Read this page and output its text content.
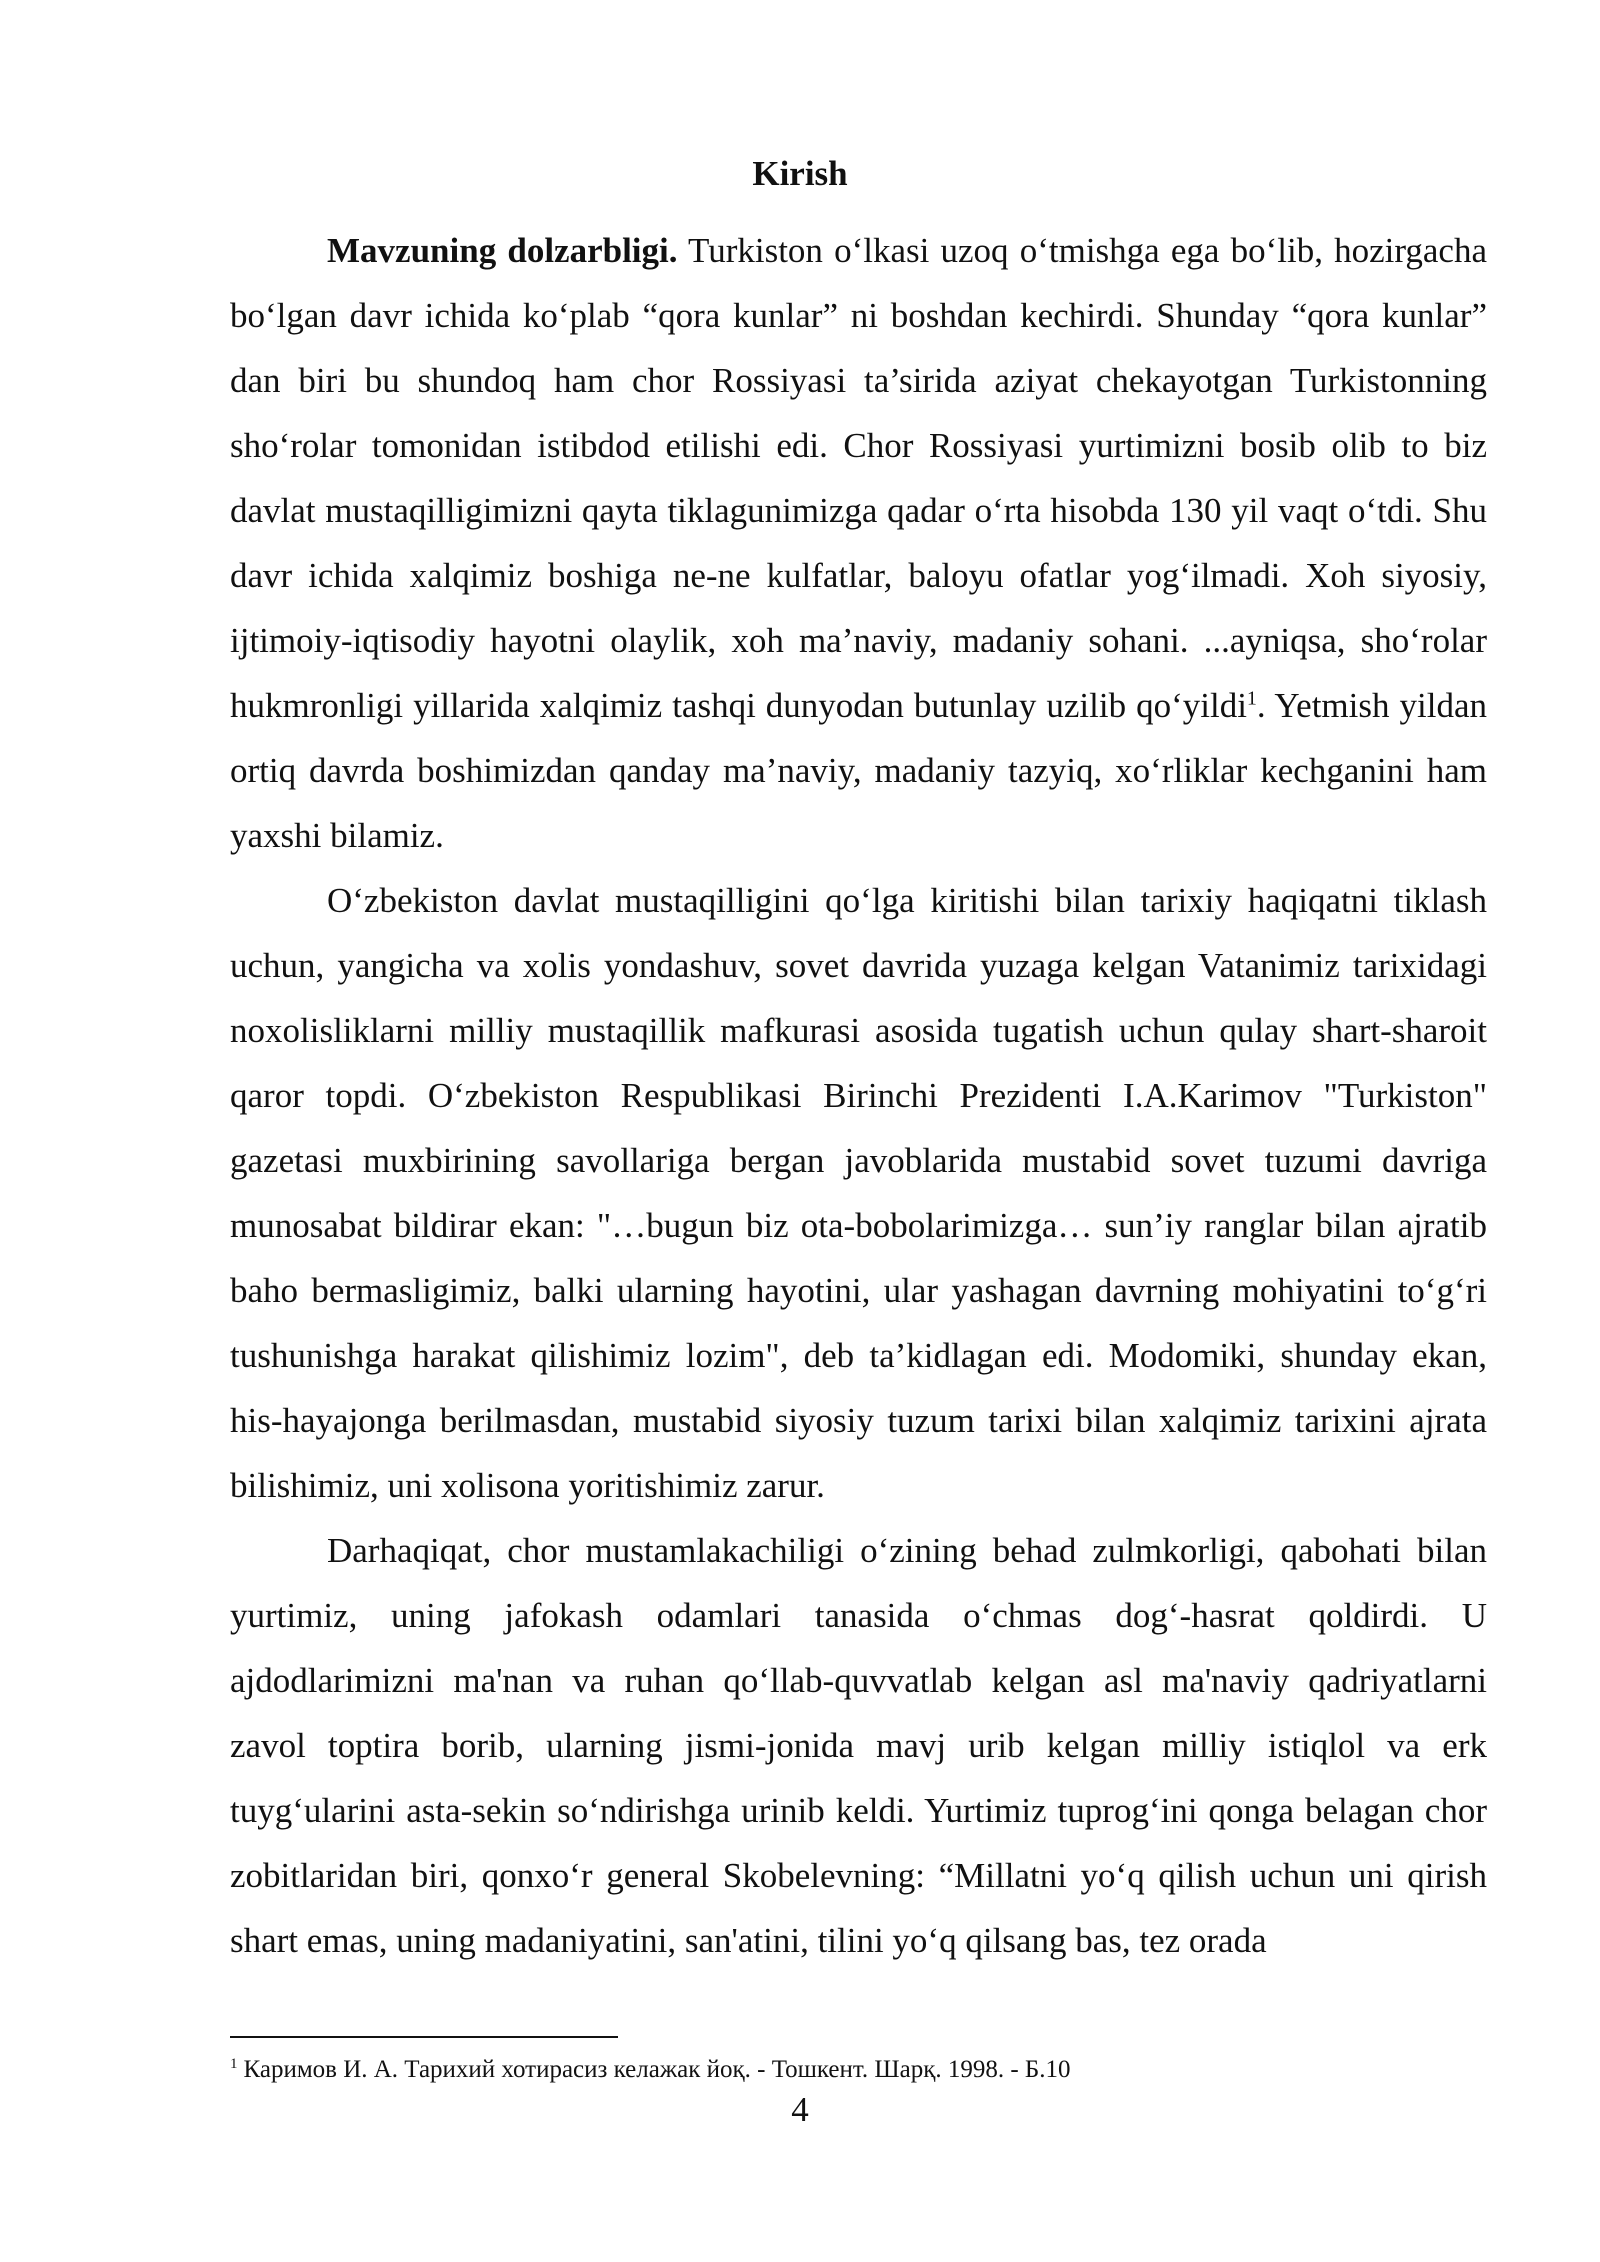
Kirish

Mavzuning dolzarbligi. Turkiston o‘lkasi uzoq o‘tmishga ega bo‘lib, hozirgacha bo‘lgan davr ichida ko‘plab “qora kunlar” ni boshdan kechirdi. Shunday “qora kunlar” dan biri bu shundoq ham chor Rossiyasi ta’sirida aziyat chekayotgan Turkistonning sho‘rolar tomonidan istibdod etilishi edi. Chor Rossiyasi yurtimizni bosib olib to biz davlat mustaqilligimizni qayta tiklagunimizga qadar o‘rta hisobda 130 yil vaqt o‘tdi. Shu davr ichida xalqimiz boshiga ne-ne kulfatlar, baloyu ofatlar yog‘ilmadi. Xoh siyosiy, ijtimoiy-iqtisodiy hayotni olaylik, xoh ma’naviy, madaniy sohani. ...ayniqsa, sho‘rolar hukmronligi yillarida xalqimiz tashqi dunyodan butunlay uzilib qo‘yildi$^1$. Yetmish yildan ortiq davrda boshimizdan qanday ma’naviy, madaniy tazyiq, xo‘rliklar kechganini ham yaxshi bilamiz.

O‘zbekiston davlat mustaqilligini qo‘lga kiritishi bilan tarixiy haqiqatni tiklash uchun, yangicha va xolis yondashuv, sovet davrida yuzaga kelgan Vatanimiz tarixidagi noxolisliklarni milliy mustaqillik mafkurasi asosida tugatish uchun qulay shart-sharoit qaror topdi. O‘zbekiston Respublikasi Birinchi Prezidenti I.A.Karimov "Turkiston" gazetasi muxbirining savollariga bergan javoblarida mustabid sovet tuzumi davriga munosabat bildirar ekan: "…bugun biz ota-bobolarimizga… sun’iy ranglar bilan ajratib baho bermasligimiz, balki ularning hayotini, ular yashagan davrning mohiyatini to‘g‘ri tushunishga harakat qilishimiz lozim", deb ta’kidlagan edi. Modomiki, shunday ekan, his-hayajonga berilmasdan, mustabid siyosiy tuzum tarixi bilan xalqimiz tarixini ajrata bilishimiz, uni xolisona yoritishimiz zarur.

Darhaqiqat, chor mustamlakachiligi o‘zining behad zulmkorligi, qabohati bilan yurtimiz, uning jafokash odamlari tanasida o‘chmas dog‘-hasrat qoldirdi. U ajdodlarimizni ma'nan va ruhan qo‘llab-quvvatlab kelgan asl ma'naviy qadriyatlarni zavol toptira borib, ularning jismi-jonida mavj urib kelgan milliy istiqlol va erk tuyg‘ularini asta-sekin so‘ndirishga urinib keldi. Yurtimiz tuprog‘ini qonga belagan chor zobitlaridan biri, qonxo‘r general Skobelevning: “Millatni yo‘q qilish uchun uni qirish shart emas, uning madaniyatini, san'atini, tilini yo‘q qilsang bas, tez orada

$^1$ Каримов И. А. Тарихий хотирасиз келажак йоқ. - Тошкент. Шарқ. 1998. - Б.10

4
